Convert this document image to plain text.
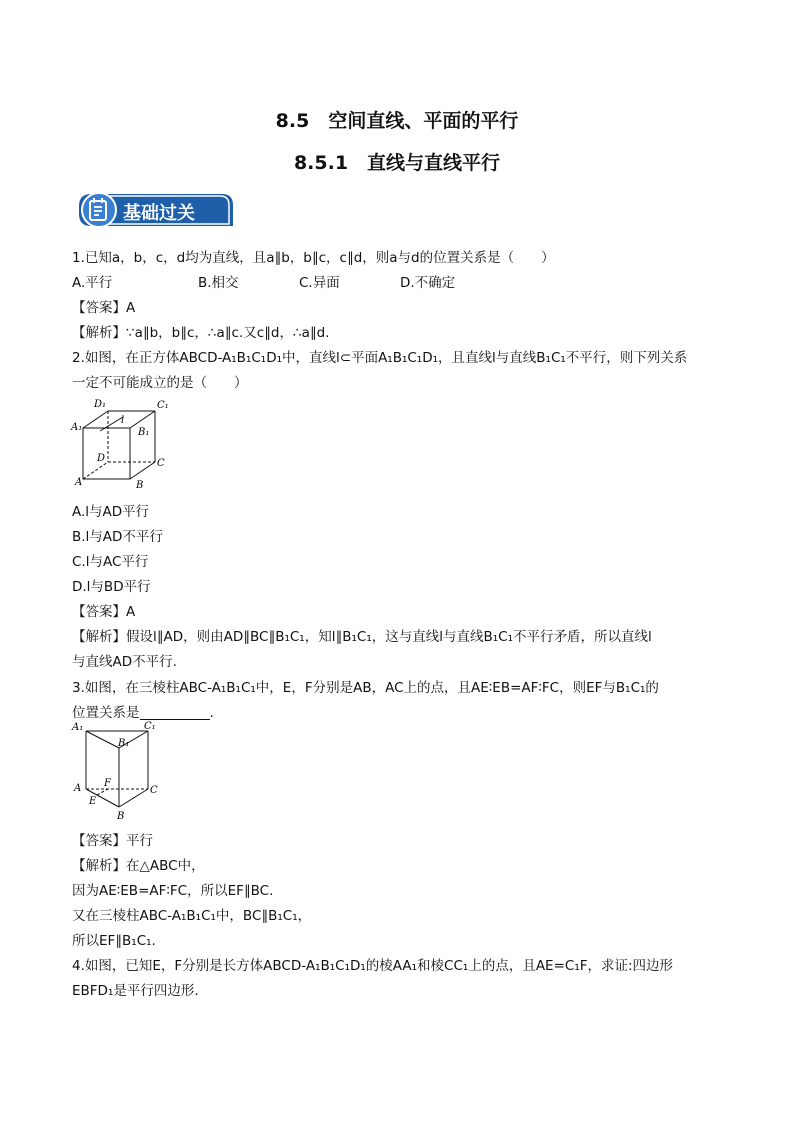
8.5　空间直线、平面的平行
8.5.1　直线与直线平行
基础过关
1.已知a，b，c，d均为直线，且a∥b，b∥c，c∥d，则a与d的位置关系是（　　）
A.平行	B.相交	C.异面	D.不确定
【答案】A
【解析】∵a∥b，b∥c，∴a∥c.又c∥d，∴a∥d.
2.如图，在正方体ABCD-A₁B₁C₁D₁中，直线l⊂平面A₁B₁C₁D₁，且直线l与直线B₁C₁不平行，则下列关系
一定不可能成立的是（　　）
D₁	C₁
A₁	B₁
l
D	C
A	B
A.l与AD平行
B.l与AD不平行
C.l与AC平行
D.l与BD平行
【答案】A
【解析】假设l∥AD，则由AD∥BC∥B₁C₁，知l∥B₁C₁，这与直线l与直线B₁C₁不平行矛盾，所以直线l
与直线AD不平行.
3.如图，在三棱柱ABC-A₁B₁C₁中，E，F分别是AB，AC上的点，且AE∶EB=AF∶FC，则EF与B₁C₁的
位置关系是	.
A₁	C₁
B₁
F
A	C
E
B
【答案】平行
【解析】在△ABC中，
因为AE∶EB=AF∶FC，所以EF∥BC.
又在三棱柱ABC-A₁B₁C₁中，BC∥B₁C₁，
所以EF∥B₁C₁.
4.如图，已知E，F分别是长方体ABCD-A₁B₁C₁D₁的棱AA₁和棱CC₁上的点，且AE=C₁F，求证:四边形
EBFD₁是平行四边形.
